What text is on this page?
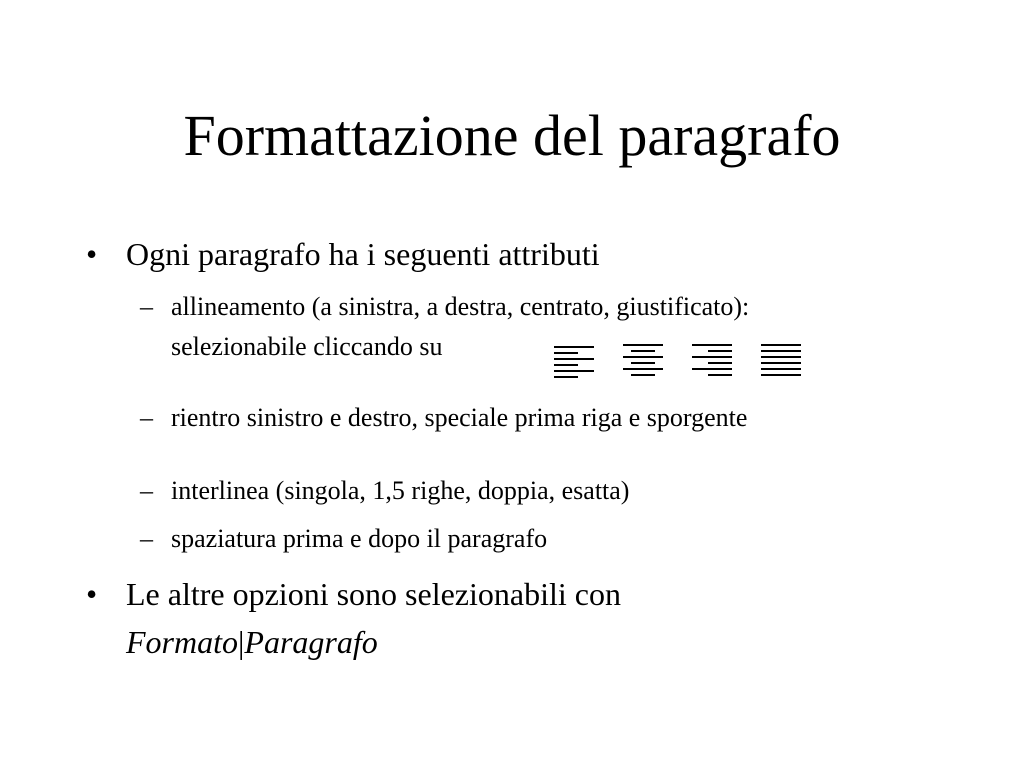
Formattazione del paragrafo
• Ogni paragrafo ha i seguenti attributi
– allineamento (a sinistra, a destra, centrato, giustificato):
selezionabile cliccando su
– rientro sinistro e destro, speciale prima riga e sporgente
– interlinea (singola, 1,5 righe, doppia, esatta)
– spaziatura prima e dopo il paragrafo
• Le altre opzioni sono selezionabili con
Formato|Paragrafo
